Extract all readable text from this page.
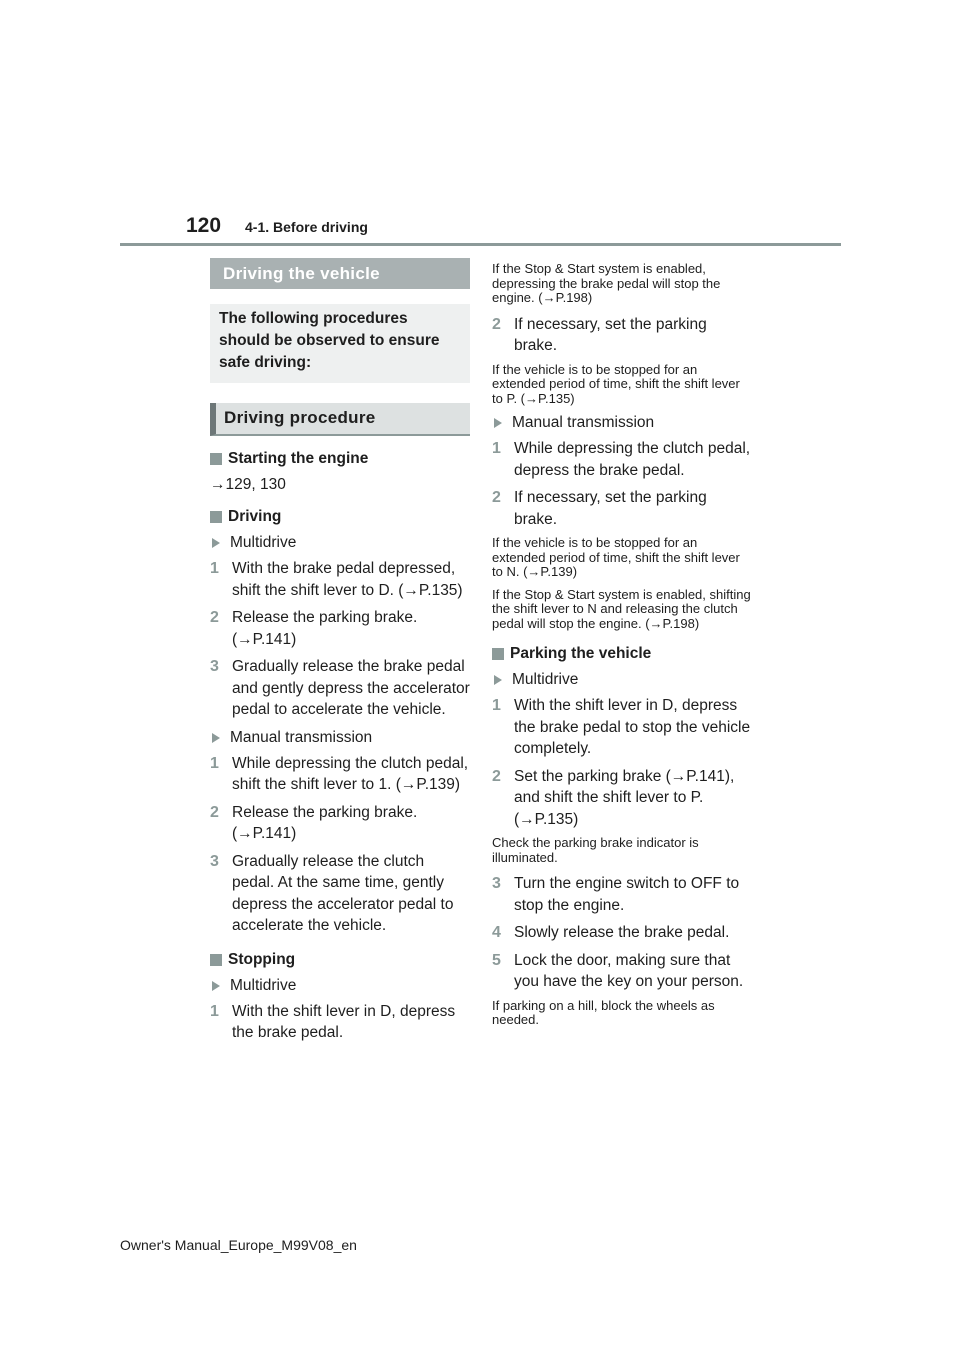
120 4-1. Before driving
Driving the vehicle
The following procedures should be observed to ensure safe driving:
Driving procedure
Starting the engine
→129, 130
Driving
Multidrive
1 With the brake pedal depressed, shift the shift lever to D. (→P.135)
2 Release the parking brake. (→P.141)
3 Gradually release the brake pedal and gently depress the accelerator pedal to accelerate the vehicle.
Manual transmission
1 While depressing the clutch pedal, shift the shift lever to 1. (→P.139)
2 Release the parking brake. (→P.141)
3 Gradually release the clutch pedal. At the same time, gently depress the accelerator pedal to accelerate the vehicle.
Stopping
Multidrive
1 With the shift lever in D, depress the brake pedal.
If the Stop & Start system is enabled, depressing the brake pedal will stop the engine. (→P.198)
2 If necessary, set the parking brake.
If the vehicle is to be stopped for an extended period of time, shift the shift lever to P. (→P.135)
Manual transmission
1 While depressing the clutch pedal, depress the brake pedal.
2 If necessary, set the parking brake.
If the vehicle is to be stopped for an extended period of time, shift the shift lever to N. (→P.139)
If the Stop & Start system is enabled, shifting the shift lever to N and releasing the clutch pedal will stop the engine. (→P.198)
Parking the vehicle
Multidrive
1 With the shift lever in D, depress the brake pedal to stop the vehicle completely.
2 Set the parking brake (→P.141), and shift the shift lever to P. (→P.135)
Check the parking brake indicator is illuminated.
3 Turn the engine switch to OFF to stop the engine.
4 Slowly release the brake pedal.
5 Lock the door, making sure that you have the key on your person.
If parking on a hill, block the wheels as needed.
Owner's Manual_Europe_M99V08_en
